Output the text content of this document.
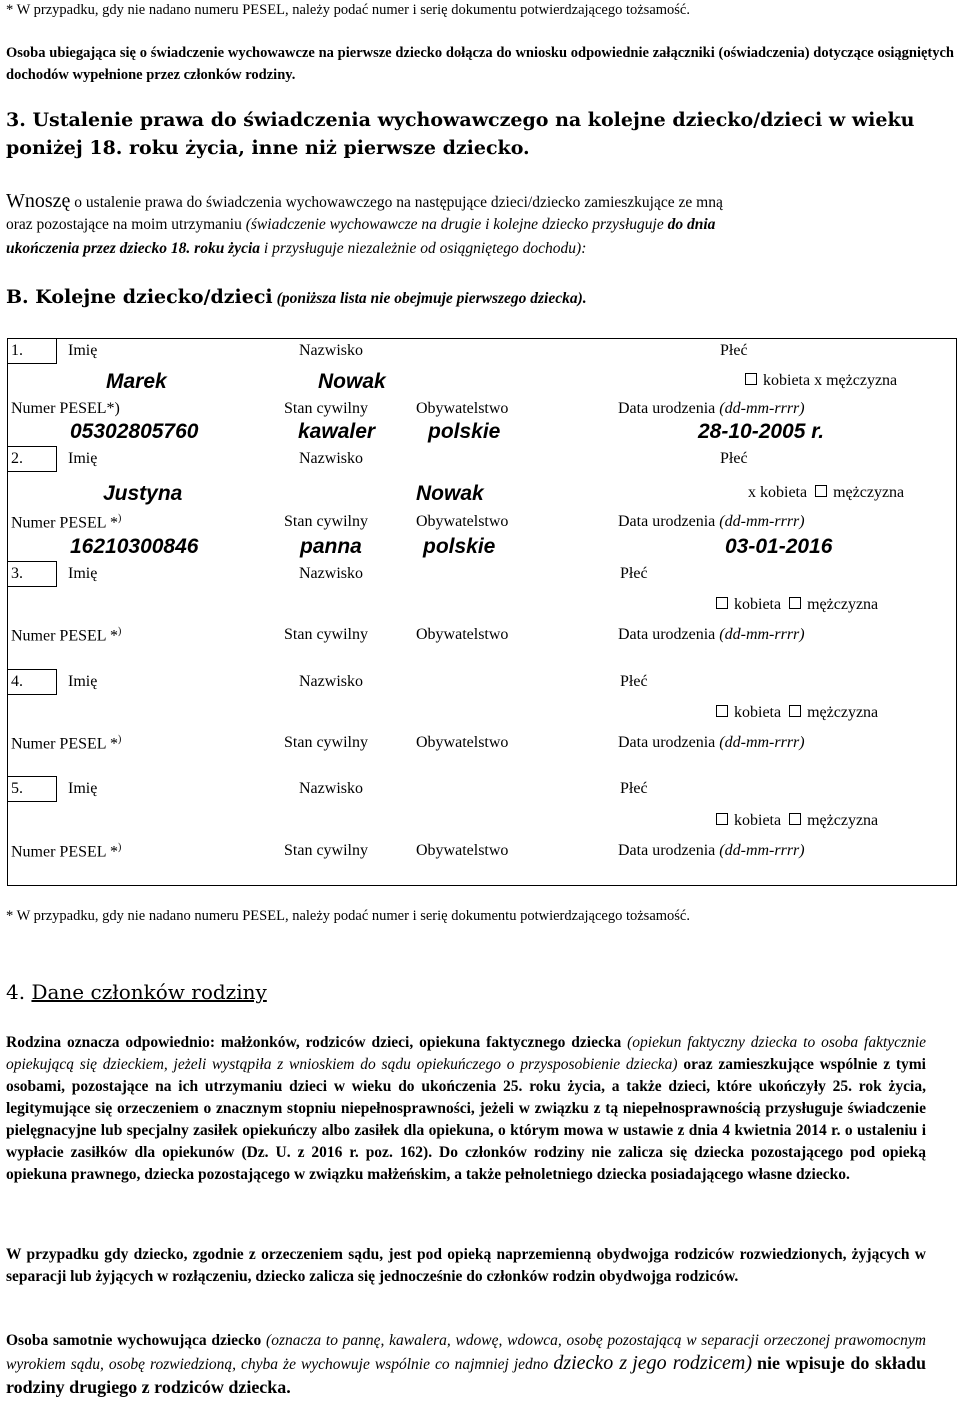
* W przypadku, gdy nie nadano numeru PESEL, należy podać numer i serię dokumentu potwierdzającego tożsamość.
Osoba ubiegająca się o świadczenie wychowawcze na pierwsze dziecko dołącza do wniosku odpowiednie załączniki (oświadczenia) dotyczące osiągniętych dochodów wypełnione przez członków rodziny.
3. Ustalenie prawa do świadczenia wychowawczego na kolejne dziecko/dzieci w wieku
poniżej 18. roku życia, inne niż pierwsze dziecko.
Wnoszę o ustalenie prawa do świadczenia wychowawczego na następujące dzieci/dziecko zamieszkujące ze mną
oraz pozostające na moim utrzymaniu (świadczenie wychowawcze na drugie i kolejne dziecko przysługuje do dnia
ukończenia przez dziecko 18. roku życia i przysługuje niezależnie od osiągniętego dochodu):
B. Kolejne dziecko/dzieci (poniższa lista nie obejmuje pierwszego dziecka).
1.	Imię	Nazwisko	Płeć
Marek	Nowak	kobieta x mężczyzna
Numer PESEL*)	Stan cywilny	Obywatelstwo	Data urodzenia (dd-mm-rrrr)
05302805760	kawaler	polskie	28-10-2005 r.
2.	Imię	Nazwisko	Płeć
Justyna	Nowak	x kobieta mężczyzna
Numer PESEL *)	Stan cywilny	Obywatelstwo	Data urodzenia (dd-mm-rrrr)
16210300846	panna	polskie	03-01-2016
3.	Imię	Nazwisko	Płeć
kobieta mężczyzna
Numer PESEL *)	Stan cywilny	Obywatelstwo	Data urodzenia (dd-mm-rrrr)
4.	Imię	Nazwisko	Płeć
kobieta mężczyzna
Numer PESEL *)	Stan cywilny	Obywatelstwo	Data urodzenia (dd-mm-rrrr)
5.	Imię	Nazwisko	Płeć
kobieta mężczyzna
Numer PESEL *)	Stan cywilny	Obywatelstwo	Data urodzenia (dd-mm-rrrr)
* W przypadku, gdy nie nadano numeru PESEL, należy podać numer i serię dokumentu potwierdzającego tożsamość.
4. Dane członków rodziny
Rodzina oznacza odpowiednio: małżonków, rodziców dzieci, opiekuna faktycznego dziecka (opiekun faktyczny dziecka to osoba faktycznie opiekującą się dzieckiem, jeżeli wystąpiła z wnioskiem do sądu opiekuńczego o przysposobienie dziecka) oraz zamieszkujące wspólnie z tymi osobami, pozostające na ich utrzymaniu dzieci w wieku do ukończenia 25. roku życia, a także dzieci, które ukończyły 25. rok życia, legitymujące się orzeczeniem o znacznym stopniu niepełnosprawności, jeżeli w związku z tą niepełnosprawnością przysługuje świadczenie pielęgnacyjne lub specjalny zasiłek opiekuńczy albo zasiłek dla opiekuna, o którym mowa w ustawie z dnia 4 kwietnia 2014 r. o ustaleniu i wypłacie zasiłków dla opiekunów (Dz. U. z 2016 r. poz. 162). Do członków rodziny nie zalicza się dziecka pozostającego pod opieką opiekuna prawnego, dziecka pozostającego w związku małżeńskim, a także pełnoletniego dziecka posiadającego własne dziecko.
W przypadku gdy dziecko, zgodnie z orzeczeniem sądu, jest pod opieką naprzemienną obydwojga rodziców rozwiedzionych, żyjących w separacji lub żyjących w rozłączeniu, dziecko zalicza się jednocześnie do członków rodzin obydwojga rodziców.
Osoba samotnie wychowująca dziecko (oznacza to pannę, kawalera, wdowę, wdowca, osobę pozostającą w separacji orzeczonej prawomocnym wyrokiem sądu, osobę rozwiedzioną, chyba że wychowuje wspólnie co najmniej jedno dziecko z jego rodzicem) nie wpisuje do składu rodziny drugiego z rodziców dziecka.
